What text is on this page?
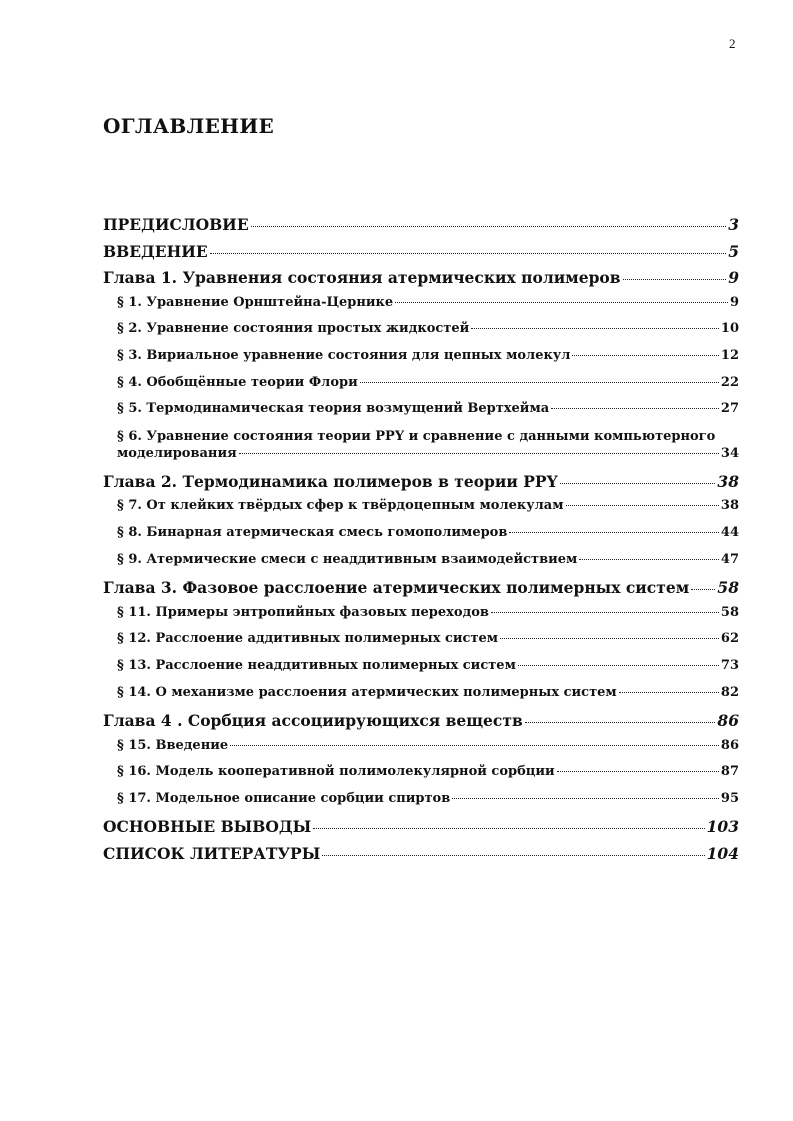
2
ОГЛАВЛЕНИЕ
ПРЕДИСЛОВИЕ	3
ВВЕДЕНИЕ	5
Глава 1. Уравнения состояния атермических полимеров	9
§ 1. Уравнение Орнштейна-Цернике	9
§ 2. Уравнение состояния простых жидкостей	10
§ 3. Вириальное уравнение состояния для цепных молекул	12
§ 4. Обобщённые теории Флори	22
§ 5. Термодинамическая теория возмущений Вертхейма	27
§ 6. Уравнение состояния теории PPY и сравнение с данными компьютерного
моделирования	34
Глава 2. Термодинамика полимеров в теории PPY	38
§ 7. От клейких твёрдых сфер к твёрдоцепным молекулам	38
§ 8. Бинарная атермическая смесь гомополимеров	44
§ 9. Атермические смеси с неаддитивным взаимодействием	47
Глава 3. Фазовое расслоение атермических полимерных систем 58
§ 11. Примеры энтропийных фазовых переходов	58
§ 12. Расслоение аддитивных полимерных систем	62
§ 13. Расслоение неаддитивных полимерных систем	73
§ 14. О механизме расслоения атермических полимерных систем	82
Глава 4 . Сорбция ассоциирующихся веществ	86
§ 15. Введение	86
§ 16. Модель кооперативной полимолекулярной сорбции	87
§ 17. Модельное описание сорбции спиртов	95
ОСНОВНЫЕ ВЫВОДЫ	103
СПИСОК ЛИТЕРАТУРЫ	104
